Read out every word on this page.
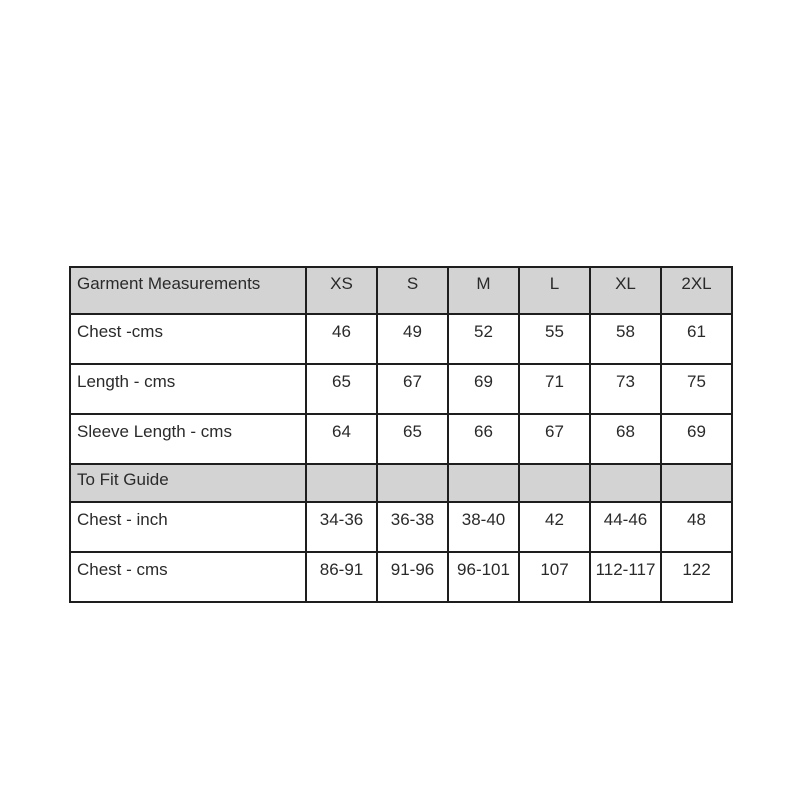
Garment Measurements	XS	S	M	L	XL	2XL
Chest -cms	46	49	52	55	58	61
Length - cms	65	67	69	71	73	75
Sleeve Length - cms	64	65	66	67	68	69
To Fit Guide						
Chest - inch	34-36	36-38	38-40	42	44-46	48
Chest - cms	86-91	91-96	96-101	107	112-117	122
